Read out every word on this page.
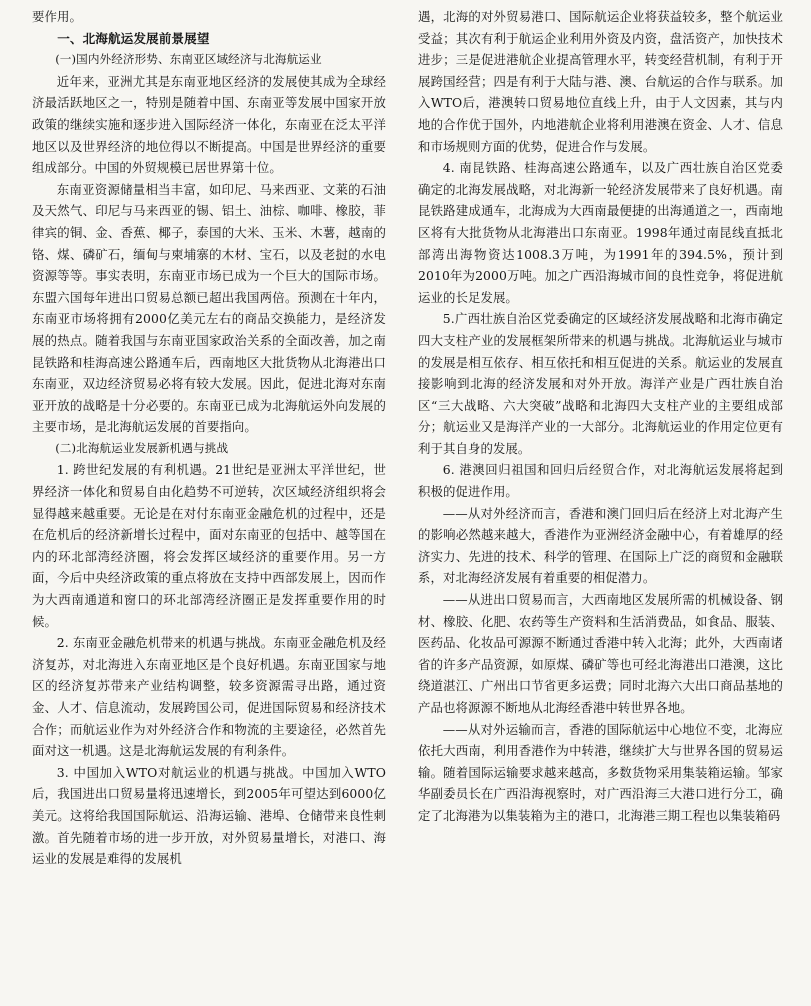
要作用。

一、北海航运发展前景展望
(一)国内外经济形势、东南亚区域经济与北海航运业

近年来，亚洲尤其是东南亚地区经济的发展使其成为全球经济最活跃地区之一，特别是随着中国、东南亚等发展中国家开放政策的继续实施和逐步进入国际经济一体化，东南亚在泛太平洋地区以及世界经济的地位得以不断提高。中国是世界经济的重要组成部分。中国的外贸规模已居世界第十位。

东南亚资源储量相当丰富，如印尼、马来西亚、文莱的石油及天然气、印尼与马来西亚的锡、铝土、油棕、咖啡、橡胶，菲律宾的铜、金、香蕉、椰子，泰国的大米、玉米、木薯，越南的铬、煤、磷矿石，缅甸与柬埔寨的木材、宝石，以及老挝的水电资源等等。事实表明，东南亚市场已成为一个巨大的国际市场。东盟六国每年进出口贸易总额已超出我国两倍。预测在十年内，东南亚市场将拥有2000亿美元左右的商品交换能力，是经济发展的热点。随着我国与东南亚国家政治关系的全面改善，加之南昆铁路和桂海高速公路通车后，西南地区大批货物从北海港出口东南亚，双边经济贸易必将有较大发展。因此，促进北海对东南亚开放的战略是十分必要的。东南亚已成为北海航运外向发展的主要市场，是北海航运发展的首要指向。

(二)北海航运业发展新机遇与挑战

1. 跨世纪发展的有利机遇。21世纪是亚洲太平洋世纪，世界经济一体化和贸易自由化趋势不可逆转，次区域经济组织将会显得越来越重要。无论是在对付东南亚金融危机的过程中，还是在危机后的经济新增长过程中，面对东南亚的包括中、越等国在内的环北部湾经济圈，将会发挥区域经济的重要作用。另一方面，今后中央经济政策的重点将放在支持中西部发展上，因而作为大西南通道和窗口的环北部湾经济圈正是发挥重要作用的时候。

2. 东南亚金融危机带来的机遇与挑战。东南亚金融危机及经济复苏，对北海进入东南亚地区是个良好机遇。东南亚国家与地区的经济复苏带来产业结构调整，较多资源需寻出路，通过资金、人才、信息流动，发展跨国公司，促进国际贸易和经济技术合作；而航运业作为对外经济合作和物流的主要途径，必然首先面对这一机遇。这是北海航运发展的有利条件。

3. 中国加入WTO对航运业的机遇与挑战。中国加入WTO后，我国进出口贸易量将迅速增长，到2005年可望达到6000亿美元。这将给我国国际航运、沿海运输、港埠、仓储带来良性刺激。首先随着市场的进一步开放，对外贸易量增长，对港口、海运业的发展是难得的发展机

遇，北海的对外贸易港口、国际航运企业将获益较多，整个航运业受益；其次有利于航运企业利用外资及内资，盘活资产，加快技术进步；三是促进港航企业提高管理水平，转变经营机制，有利于开展跨国经营；四是有利于大陆与港、澳、台航运的合作与联系。加入WTO后，港澳转口贸易地位直线上升，由于人文因素，其与内地的合作优于国外，内地港航企业将利用港澳在资金、人才、信息和市场规则方面的优势，促进合作与发展。

4. 南昆铁路、桂海高速公路通车，以及广西壮族自治区党委确定的北海发展战略，对北海新一轮经济发展带来了良好机遇。南昆铁路建成通车，北海成为大西南最便捷的出海通道之一，西南地区将有大批货物从北海港出口东南亚。1998年通过南昆线直抵北部湾出海物资达1008.3万吨，为1991年的394.5%，预计到2010年为2000万吨。加之广西沿海城市间的良性竞争，将促进航运业的长足发展。

5.广西壮族自治区党委确定的区域经济发展战略和北海市确定四大支柱产业的发展框架所带来的机遇与挑战。北海航运业与城市的发展是相互依存、相互依托和相互促进的关系。航运业的发展直接影响到北海的经济发展和对外开放。海洋产业是广西壮族自治区“三大战略、六大突破”战略和北海四大支柱产业的主要组成部分；航运业又是海洋产业的一大部分。北海航运业的作用定位更有利于其自身的发展。

6. 港澳回归祖国和回归后经贸合作，对北海航运发展将起到积极的促进作用。

——从对外经济而言，香港和澳门回归后在经济上对北海产生的影响必然越来越大，香港作为亚洲经济金融中心，有着雄厚的经济实力、先进的技术、科学的管理、在国际上广泛的商贸和金融联系，对北海经济发展有着重要的相促潜力。

——从进出口贸易而言，大西南地区发展所需的机械设备、钢材、橡胶、化肥、农药等生产资料和生活消费品，如食品、服装、医药品、化妆品可源源不断通过香港中转入北海；此外，大西南诸省的许多产品资源，如原煤、磷矿等也可经北海港出口港澳，这比绕道湛江、广州出口节省更多运费；同时北海六大出口商品基地的产品也将源源不断地从北海经香港中转世界各地。

——从对外运输而言，香港的国际航运中心地位不变，北海应依托大西南，利用香港作为中转港，继续扩大与世界各国的贸易运输。随着国际运输要求越来越高，多数货物采用集装箱运输。邹家华副委员长在广西沿海视察时，对广西沿海三大港口进行分工，确定了北海港为以集装箱为主的港口，北海港三期工程也以集装箱码
